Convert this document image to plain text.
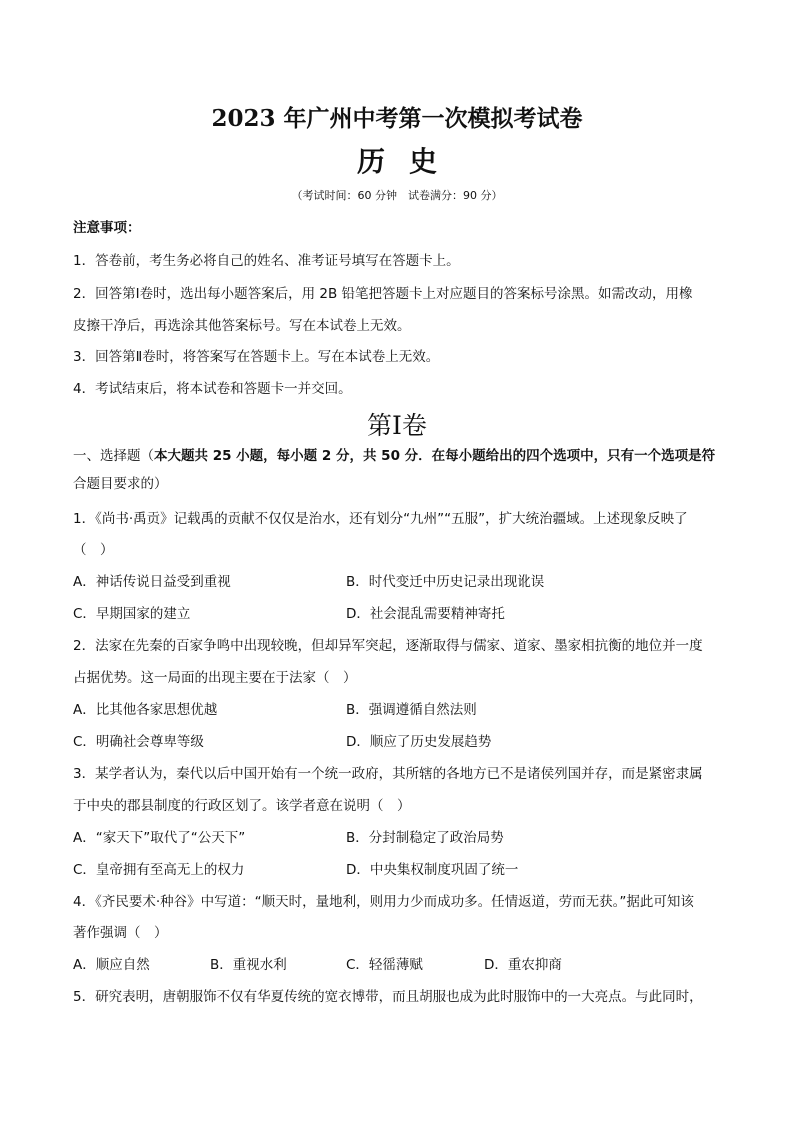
2023 年广州中考第一次模拟考试卷
历史
（考试时间：60 分钟　试卷满分：90 分）
注意事项：
1．答卷前，考生务必将自己的姓名、准考证号填写在答题卡上。
2．回答第Ⅰ卷时，选出每小题答案后，用 2B 铅笔把答题卡上对应题目的答案标号涂黑。如需改动，用橡
皮擦干净后，再选涂其他答案标号。写在本试卷上无效。
3．回答第Ⅱ卷时，将答案写在答题卡上。写在本试卷上无效。
4．考试结束后，将本试卷和答题卡一并交回。
第Ⅰ卷
一、选择题（本大题共 25 小题，每小题 2 分，共 50 分．在每小题给出的四个选项中，只有一个选项是符
合题目要求的）
1．《尚书·禹贡》记载禹的贡献不仅仅是治水，还有划分“九州”“五服”，扩大统治疆域。上述现象反映了
（　）
A．神话传说日益受到重视	B．时代变迁中历史记录出现讹误
C．早期国家的建立	D．社会混乱需要精神寄托
2．法家在先秦的百家争鸣中出现较晚，但却异军突起，逐渐取得与儒家、道家、墨家相抗衡的地位并一度
占据优势。这一局面的出现主要在于法家（　）
A．比其他各家思想优越	B．强调遵循自然法则
C．明确社会尊卑等级	D．顺应了历史发展趋势
3．某学者认为，秦代以后中国开始有一个统一政府，其所辖的各地方已不是诸侯列国并存，而是紧密隶属
于中央的郡县制度的行政区划了。该学者意在说明（　）
A．“家天下”取代了“公天下”	B．分封制稳定了政治局势
C．皇帝拥有至高无上的权力	D．中央集权制度巩固了统一
4．《齐民要术·种谷》中写道：“顺天时，量地利，则用力少而成功多。任情返道，劳而无获。”据此可知该
著作强调（　）
A．顺应自然	B．重视水利	C．轻徭薄赋	D．重农抑商
5．研究表明，唐朝服饰不仅有华夏传统的宽衣博带，而且胡服也成为此时服饰中的一大亮点。与此同时，
